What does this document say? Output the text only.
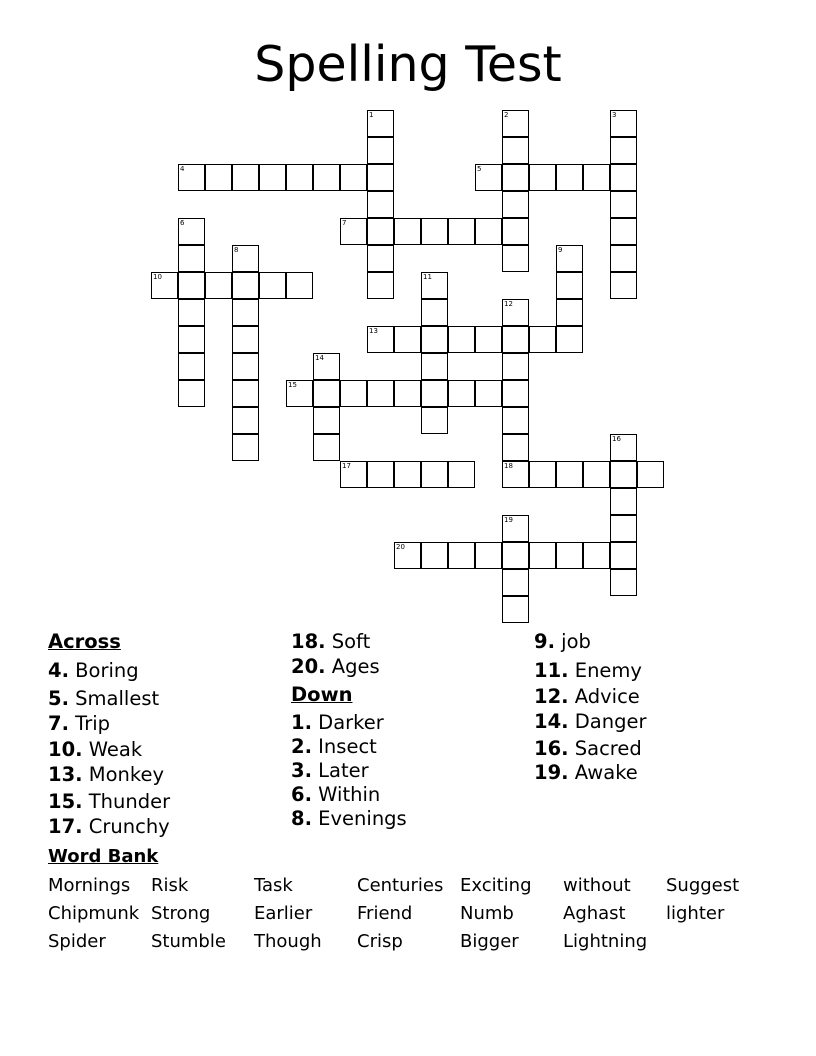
Spelling Test
1	2	3
4	5
6	7
8	9
10	11
12
18
13
14
15
16
17
19
20
Across
4. Boring
5. Smallest
7. Trip
10. Weak
13. Monkey
15. Thunder
17. Crunchy
18. Soft
20. Ages
Down
1. Darker
2. Insect
3. Later
6. Within
8. Evenings
9. job
11. Enemy
12. Advice
14. Danger
16. Sacred
19. Awake
Word Bank
Mornings Risk	Task	Centuries Exciting without Suggest
Chipmunk Strong Earlier Friend	Numb	Aghast lighter
Spider	Stumble Though Crisp	Bigger Lightning
